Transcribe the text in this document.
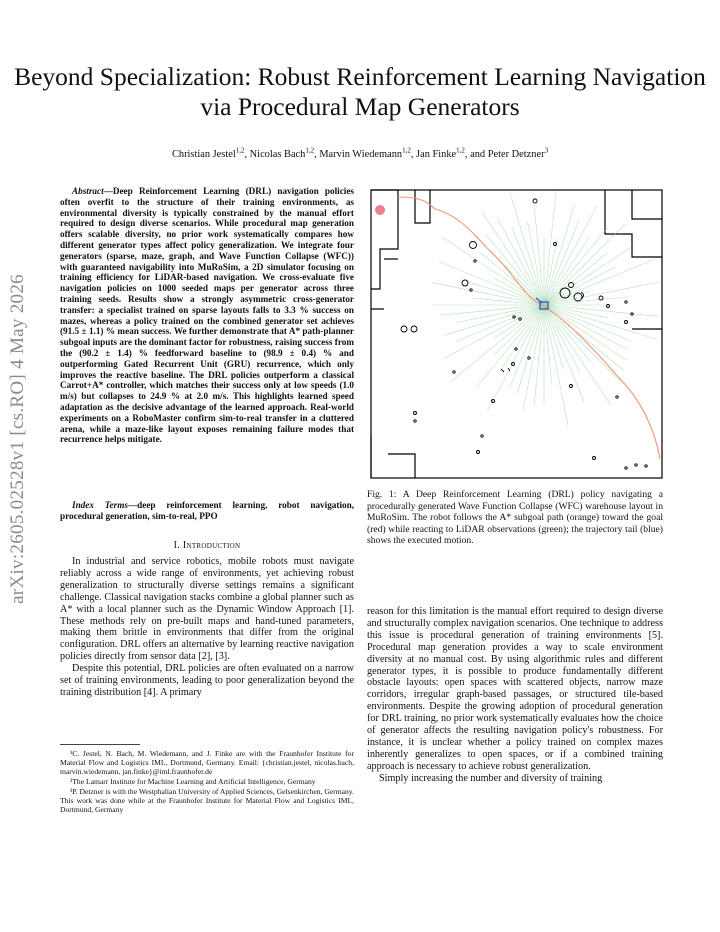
arXiv:2605.02528v1 [cs.RO] 4 May 2026
Beyond Specialization: Robust Reinforcement Learning Navigation via Procedural Map Generators
Christian Jestel$^{1,2}$, Nicolas Bach$^{1,2}$, Marvin Wiedemann$^{1,2}$, Jan Finke$^{1,2}$, and Peter Detzner$^3$
Abstract—Deep Reinforcement Learning (DRL) navigation policies often overfit to the structure of their training environments, as environmental diversity is typically constrained by the manual effort required to design diverse scenarios. While procedural map generation offers scalable diversity, no prior work systematically compares how different generator types affect policy generalization. We integrate four generators (sparse, maze, graph, and Wave Function Collapse (WFC)) with guaranteed navigability into MuRoSim, a 2D simulator focusing on training efficiency for LiDAR-based navigation. We cross-evaluate five navigation policies on 1000 seeded maps per generator across three training seeds. Results show a strongly asymmetric cross-generator transfer: a specialist trained on sparse layouts falls to 3.3 % success on mazes, whereas a policy trained on the combined generator set achieves (91.5 ± 1.1) % mean success. We further demonstrate that A* path-planner subgoal inputs are the dominant factor for robustness, raising success from the (90.2 ± 1.4) % feedforward baseline to (98.9 ± 0.4) % and outperforming Gated Recurrent Unit (GRU) recurrence, which only improves the reactive baseline. The DRL policies outperform a classical Carrot+A* controller, which matches their success only at low speeds (1.0 m/s) but collapses to 24.9 % at 2.0 m/s. This highlights learned speed adaptation as the decisive advantage of the learned approach. Real-world experiments on a RoboMaster confirm sim-to-real transfer in a cluttered arena, while a maze-like layout exposes remaining failure modes that recurrence helps mitigate.
Index Terms—deep reinforcement learning, robot navigation, procedural generation, sim-to-real, PPO
I. Introduction

In industrial and service robotics, mobile robots must navigate reliably across a wide range of environments, yet achieving robust generalization to structurally diverse settings remains a significant challenge. Classical navigation stacks combine a global planner such as A* with a local planner such as the Dynamic Window Approach [1]. These methods rely on pre-built maps and hand-tuned parameters, making them brittle in environments that differ from the original configuration. DRL offers an alternative by learning reactive navigation policies directly from sensor data [2], [3].

Despite this potential, DRL policies are often evaluated on a narrow set of training environments, leading to poor generalization beyond the training distribution [4]. A primary

¹C. Jestel, N. Bach, M. Wiedemann, and J. Finke are with the Fraunhofer Institute for Material Flow and Logistics IML, Dortmund, Germany. Email: {christian.jestel, nicolas.bach, marvin.wiedemann, jan.finke}@iml.fraunhofer.de

²The Lamarr Institute for Machine Learning and Artificial Intelligence, Germany

³P. Detzner is with the Westphalian University of Applied Sciences, Gelsenkirchen, Germany. This work was done while at the Fraunhofer Institute for Material Flow and Logistics IML, Dortmund, Germany

Fig. 1: A Deep Reinforcement Learning (DRL) policy navigating a procedurally generated Wave Function Collapse (WFC) warehouse layout in MuRoSim. The robot follows the A* subgoal path (orange) toward the goal (red) while reacting to LiDAR observations (green); the trajectory tail (blue) shows the executed motion.

reason for this limitation is the manual effort required to design diverse and structurally complex navigation scenarios. One technique to address this issue is procedural generation of training environments [5]. Procedural map generation provides a way to scale environment diversity at no manual cost. By using algorithmic rules and different generator types, it is possible to produce fundamentally different obstacle layouts: open spaces with scattered objects, narrow maze corridors, irregular graph-based passages, or structured tile-based environments. Despite the growing adoption of procedural generation for DRL training, no prior work systematically evaluates how the choice of generator affects the resulting navigation policy's robustness. For instance, it is unclear whether a policy trained on complex mazes inherently generalizes to open spaces, or if a combined training approach is necessary to achieve robust generalization.

Simply increasing the number and diversity of training
